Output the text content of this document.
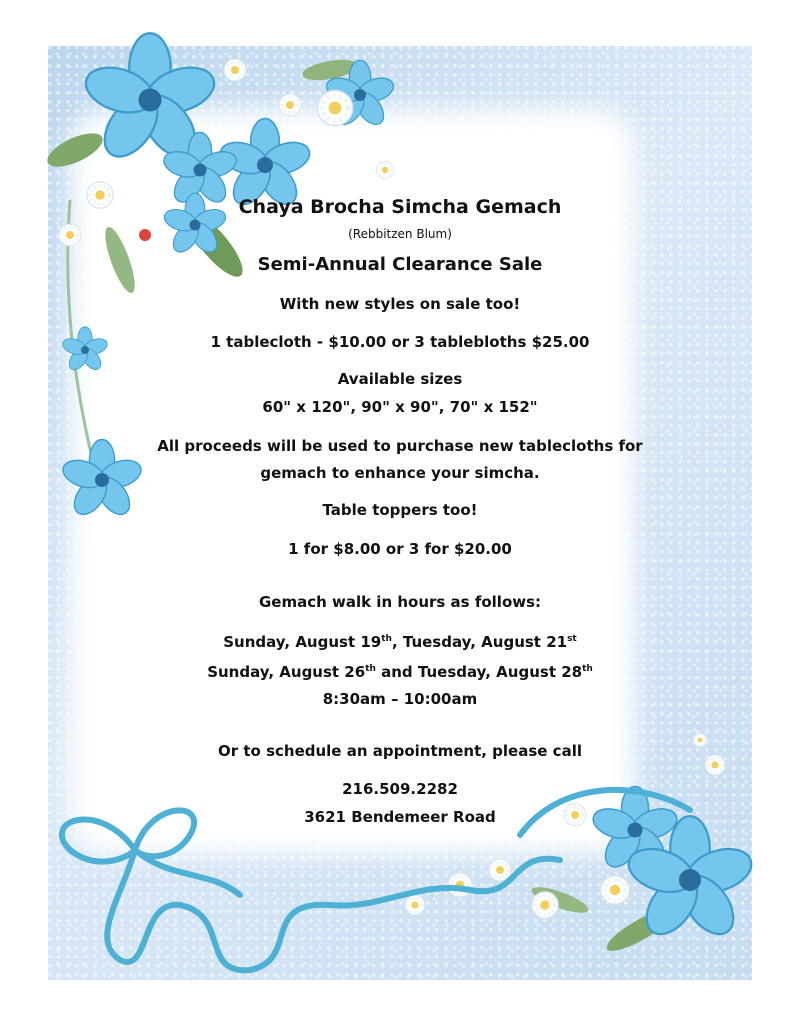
Chaya Brocha Simcha Gemach

(Rebbitzen Blum)

Semi-Annual Clearance Sale

With new styles on sale too!

1 tablecloth - $10.00 or 3 tablebloths $25.00

Available sizes

60" x 120", 90" x 90", 70" x 152"

All proceeds will be used to purchase new tablecloths for

gemach to enhance your simcha.

Table toppers too!

1 for $8.00 or 3 for $20.00

Gemach walk in hours as follows:

Sunday, August 19th, Tuesday, August 21st

Sunday, August 26th and Tuesday, August 28th

8:30am – 10:00am

Or to schedule an appointment, please call

216.509.2282

3621 Bendemeer Road
